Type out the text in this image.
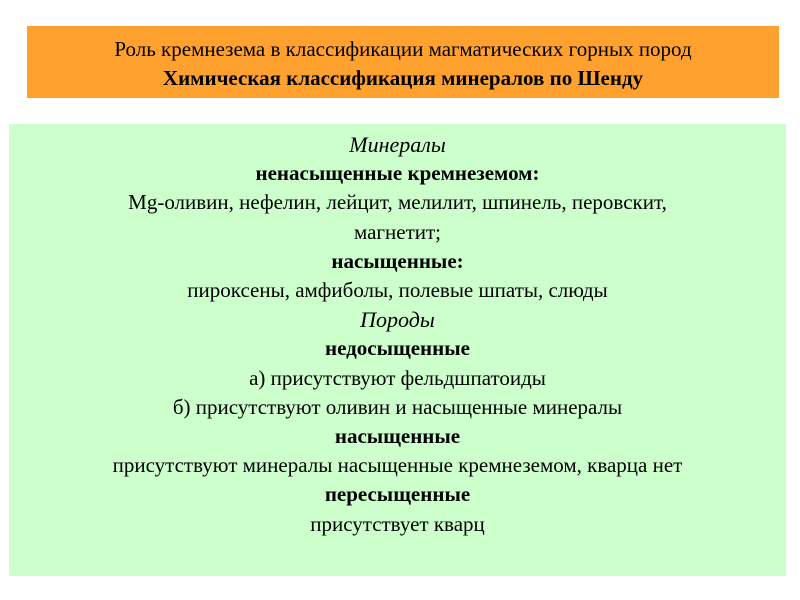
Роль кремнезема в классификации магматических горных пород
Химическая классификация минералов по Шенду
Минералы
ненасыщенные кремнеземом:
Mg-оливин, нефелин, лейцит, мелилит, шпинель, перовскит,
магнетит;
насыщенные:
пироксены, амфиболы, полевые шпаты, слюды
Породы
недосыщенные
а) присутствуют фельдшпатоиды
б) присутствуют оливин и насыщенные минералы
насыщенные
присутствуют минералы насыщенные кремнеземом, кварца нет
пересыщенные
присутствует кварц
